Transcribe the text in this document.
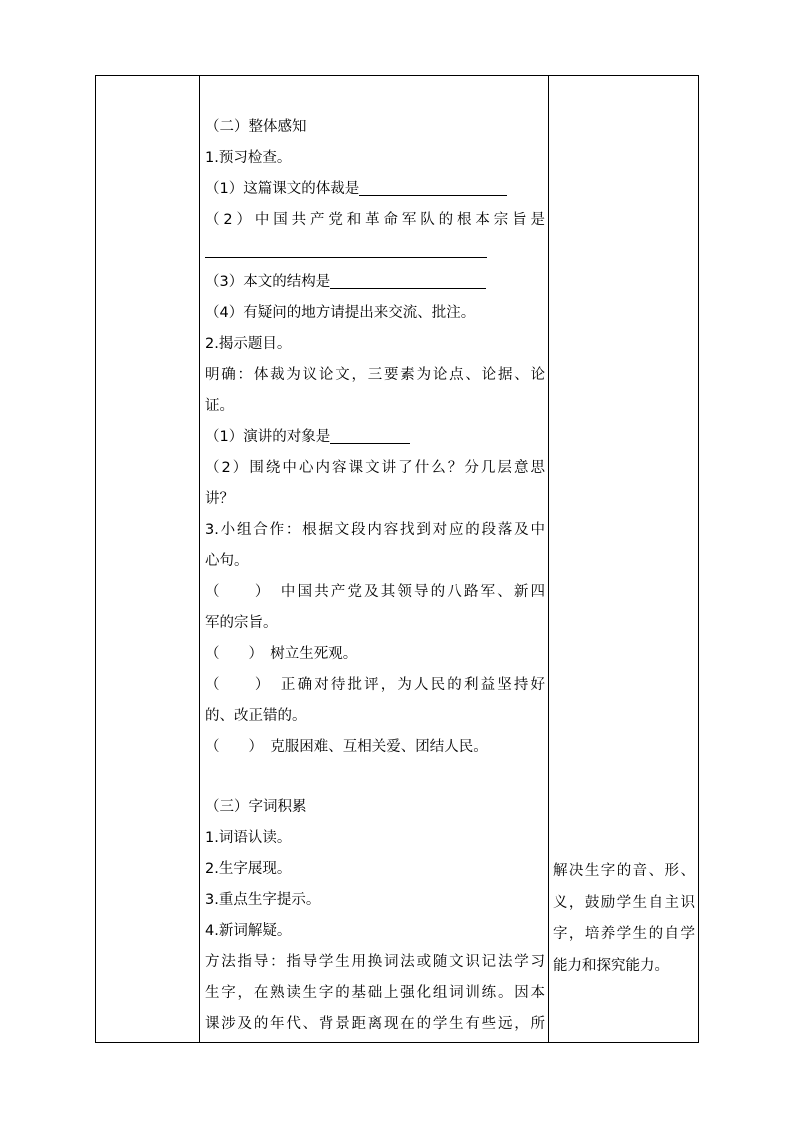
（二）整体感知
1.预习检查。
（1）这篇课文的体裁是
（2）中国共产党和革命军队的根本宗旨是
（3）本文的结构是
（4）有疑问的地方请提出来交流、批注。
2.揭示题目。
明确：体裁为议论文，三要素为论点、论据、论
证。
（1）演讲的对象是
（2）围绕中心内容课文讲了什么？分几层意思
讲？
3.小组合作：根据文段内容找到对应的段落及中
心句。
（　　）　中国共产党及其领导的八路军、新四
军的宗旨。
（　　）　树立生死观。
（　　）　正确对待批评，为人民的利益坚持好
的、改正错的。
（　　）　克服困难、互相关爱、团结人民。
（三）字词积累
1.词语认读。
2.生字展现。
3.重点生字提示。
4.新词解疑。
方法指导：指导学生用换词法或随文识记法学习
生字，在熟读生字的基础上强化组词训练。因本
课涉及的年代、背景距离现在的学生有些远，所
解决生字的音、形、
义，鼓励学生自主识
字，培养学生的自学
能力和探究能力。
